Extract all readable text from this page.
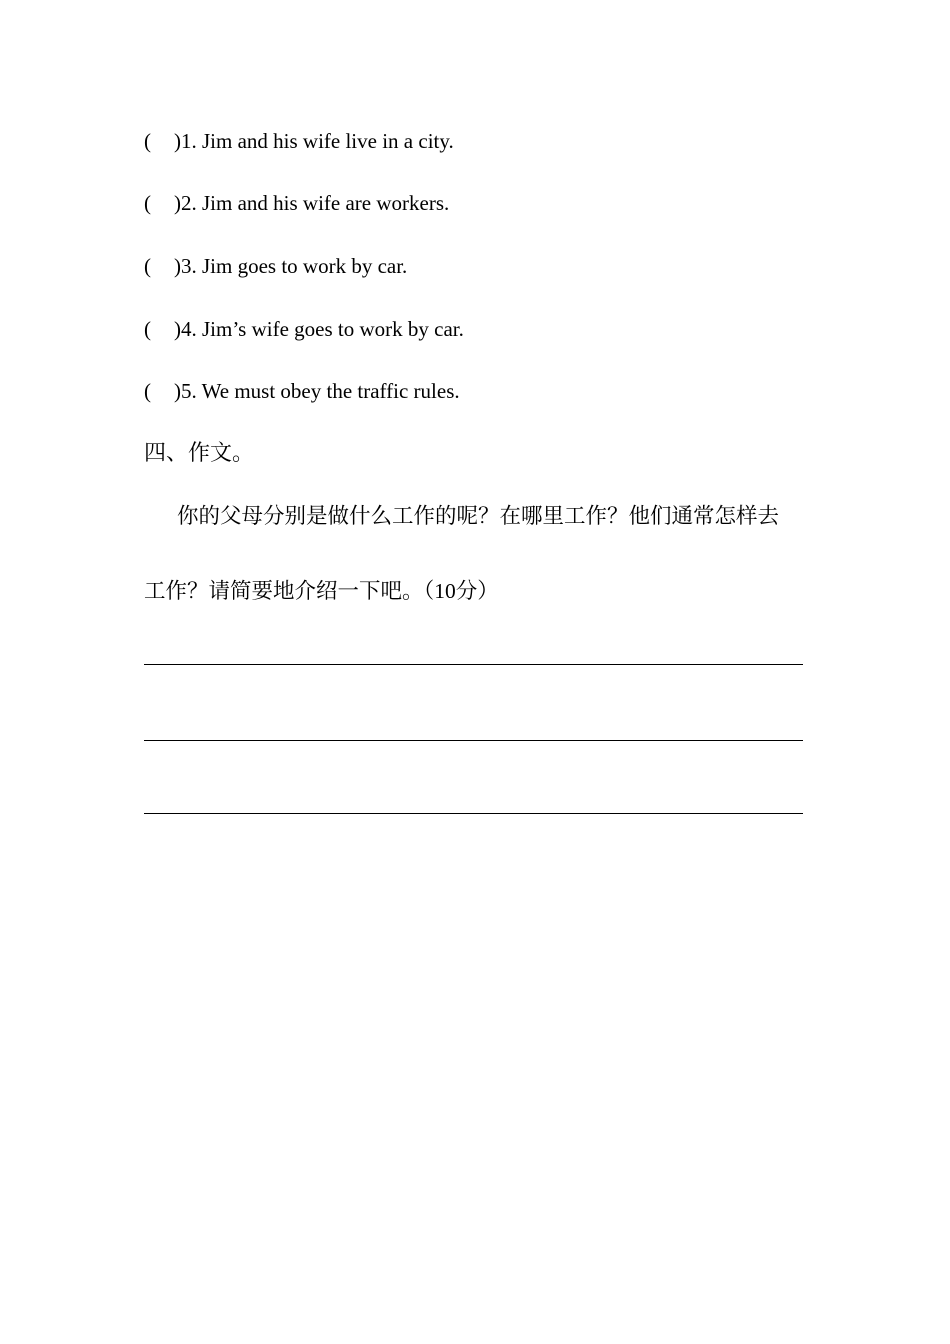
( )1. Jim and his wife live in a city.
( )2. Jim and his wife are workers.
( )3. Jim goes to work by car.
( )4. Jim’s wife goes to work by car.
( )5. We must obey the traffic rules.
四、作文。
你的父母分别是做什么工作的呢？在哪里工作？他们通常怎样去
工作？请简要地介绍一下吧。（10分）
